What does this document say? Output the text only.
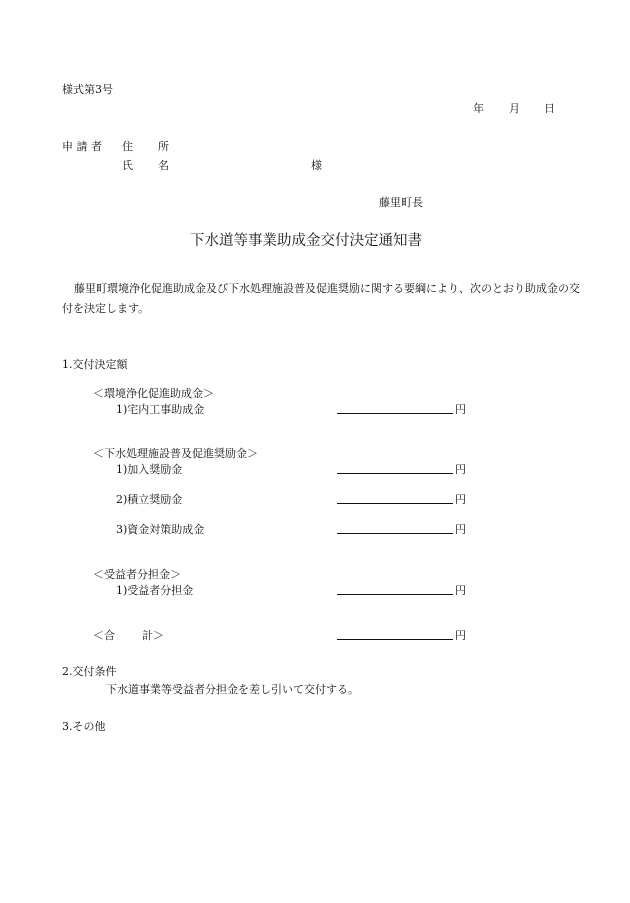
様式第3号
年 月 日
申 請 者 住 所
氏 名	様
藤里町長
下水道等事業助成金交付決定通知書
藤里町環境浄化促進助成金及び下水処理施設普及促進奨励に関する要綱により、次のとおり助成金の交付を決定します。
1.交付決定額
＜環境浄化促進助成金＞
1)宅内工事助成金	円
＜下水処理施設普及促進奨励金＞
1)加入奨励金	円
2)積立奨励金	円
3)資金対策助成金	円
＜受益者分担金＞
1)受益者分担金	円
＜合 計＞	円
2.交付条件
下水道事業等受益者分担金を差し引いて交付する。
3.その他
